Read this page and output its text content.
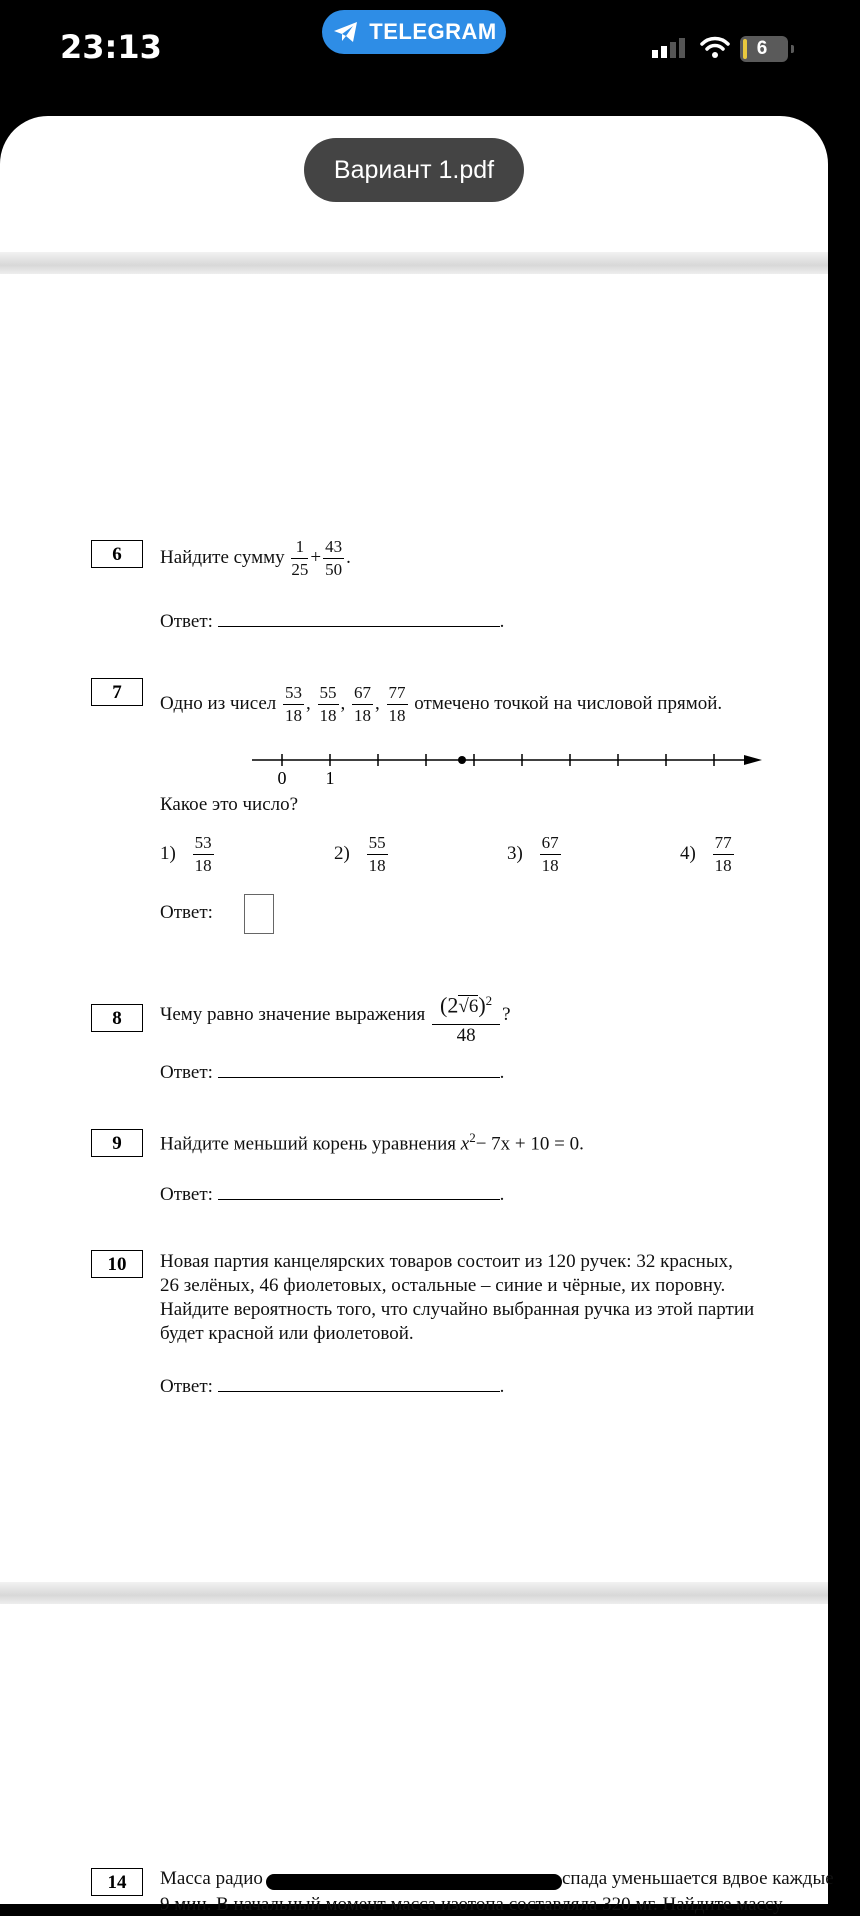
23:13	TELEGRAM
6
Вариант 1.pdf
6	Найдите сумму $\frac{1}{25} + \frac{43}{50}$ .
Ответ:	.
7
Одно из чисел $\frac{53}{18}$ , $\frac{55}{18}$ , $\frac{67}{18}$ , $\frac{77}{18}$ отмечено точкой на числовой прямой.
0 1
Какое это число?
$1) \frac{53}{18}$	$2) \frac{55}{18}$	$3) \frac{67}{18}$	$4) \frac{77}{18}$
Ответ:
8	Чему равно значение выражения $\frac{(2√6)^2}{48}$ ?
Ответ:	.
9	Найдите меньший корень уравнения $x^2- 7x + 10 = 0$.
Ответ:	.
10	Новая партия канцелярских товаров состоит из 120 ручек: 32 красных,
26 зелёных, 46 фиолетовых, остальные – синие и чёрные, их поровну.
Найдите вероятность того, что случайно выбранная ручка из этой партии
будет красной или фиолетовой.
Ответ:	.
14	Масса радио	спада уменьшается вдвое каждые
9 мин. В начальный момент масса изотопа составляла 320 мг. Найдите массу
